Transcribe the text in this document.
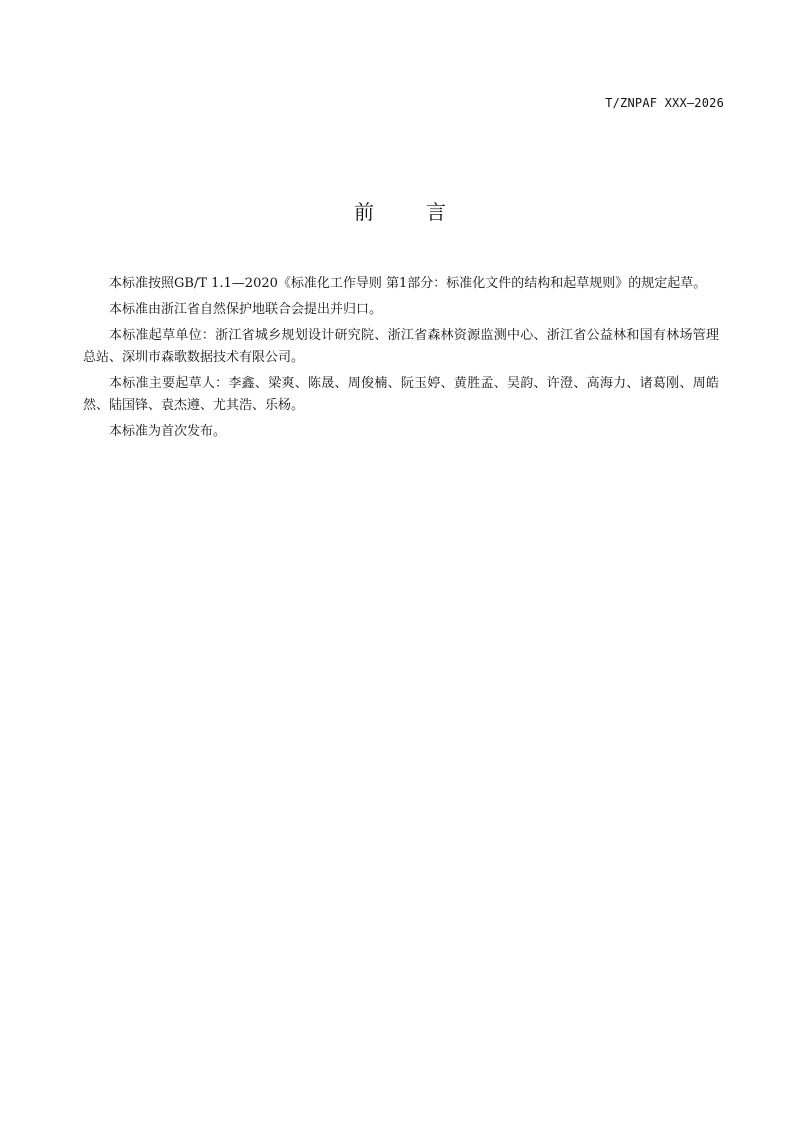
T/ZNPAF XXX—2026
前	言

本标准按照GB/T 1.1—2020《标准化工作导则 第1部分：标准化文件的结构和起草规则》的规定起草。

本标准由浙江省自然保护地联合会提出并归口。

本标准起草单位：浙江省城乡规划设计研究院、浙江省森林资源监测中心、浙江省公益林和国有林场管理总站、深圳市森歌数据技术有限公司。

本标准主要起草人：李鑫、梁爽、陈晟、周俊楠、阮玉婷、黄胜孟、吴韵、许澄、高海力、诸葛刚、周皓然、陆国锋、袁杰遵、尤其浩、乐杨。

本标准为首次发布。
